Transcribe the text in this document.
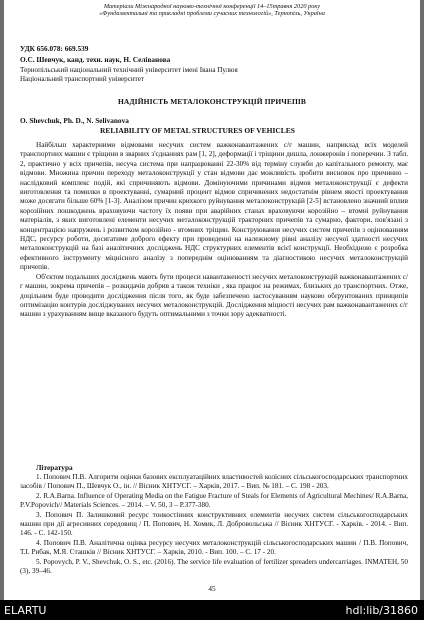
Матеріали Міжнародної науково-технічної конференції 14–15травня 2020 року
«Фундаментальні та прикладні проблеми сучасних технологій», Тернопіль, Україна
УДК 656.078: 669.539
О.С. Шевчук, канд. техн. наук, Н. Селіванова
Тернопільський національний технічний університет імені Івана Пулюя
Національний транспортний університет
НАДІЙНІСТЬ МЕТАЛОКОНСТРУКЦІЙ ПРИЧЕПІВ
O. Shevchuk, Ph. D., N. Selivanova
RELIABILITY OF METAL STRUCTURES OF VEHICLES

Найбільш характерними відмовами несучих систем важконавантажених с/г машин, наприклад всіх моделей транспортних машин є тріщини в зварних з'єднаннях рам [1, 2], деформації і тріщини дишла, лонжеронів і поперечин. З табл. 2, практично у всіх причепів, несуча система при напрацюванні 22-30% від терміну служби до капітального ремонту, має відмови. Множина причин переходу металоконструкції у стан відмови дає можливість зробити висновок про причинно – наслідковий комплекс подій, які спричиняють відмови. Домінуючими причинами відмов металоконструкції є дефекти виготовлення та помилки в проектуванні, сумарний процент відмов спричинених недостатнім рівнем якості проектування може досягати більше 60% [1-3]. Аналізом причин крихкого руйнування металоконструкцій [2-5] встановлено значний вплив корозійних пошкоджень враховуючи частоту їх появи при аварійних станах враховуючи корозійно – втомні руйнування матеріалів, з яких виготовлені елементи несучих металоконструкцій тракторних причепів та сумарно, фактори, пов'язані з концентрацією напружень і розвитком корозійно - втомних тріщин. Конструювання несучих систем причепів з оцінюванням НДС, ресурсу роботи, досягатиме доброго ефекту при проведенні на належному рівні аналізу несучої здатності несучих металоконструкцій на базі аналітичних досліджень НДС структурних елементів всієї конструкції. Необхідною є розробка ефективного інструменту міцнісного аналізу з попереднім оцінюванням та діагностикою несучих металоконструкцій причепів.

Об'єктом подальших досліджень мають бути процеси навантаженості несучих металоконструкцій важконавантажених с/г машин, зокрема причепів – розкидачів добрив а також техніки , яка працює на режимах, близьких до транспортних. Отже, доцільним буде проводити дослідження після того, як буде забезпечено застосуванням науково обґрунтованих принципів оптимізацію контурів досліджуваних несучих металоконструкцій. Дослідження міцності несучих рам важконавантажених с/г машин з урахуванням вище вказаного будуть оптимальними з точки зору адекватності.

Література

1. Попович П.В. Алгоритм оцінки базових експлуатаційних властивостей колісних сільськогосподарських транспортних засобів / Попович П., Шевчук О., ін. // Вісник ХНТУСГ. – Харків, 2017. – Вип. № 181. – С. 198 - 203.

2. R.A.Barna. Influence of Operating Media on the Fatigue Fracture of Steals for Elements of Agricultural Mechines/ R.A.Barna, P.V.Popovich// Materials Sciences. – 2014. – V. 50, 3 – P.377-380.

3. Попович П. Залишковий ресурс тонкостінних конструктивних елементів несучих систем сільськогосподарських машин при дії агресивних середовищ / П. Попович, Н. Хомик, Л. Добровольська // Вісник ХНТУСГ. - Харків. - 2014. - Вип. 146. - С. 142-150.

4. Попович П.В. Аналітична оцінка ресурсу несучих металоконструкцій сільськогосподарських машин / П.В. Попович, Т.І. Рибак, М.Я. Сташків // Вісник ХНТУСГ. – Харків, 2010. - Вип. 100. – С. 17 - 20.

5. Popovych, P. V., Shevchuk, O. S., etc. (2016). The service life evaluation of fertilizer spreaders undercarriages. INMATEH, 50 (3), 39–46.

45
ELARTU	hdl:lib/31860
